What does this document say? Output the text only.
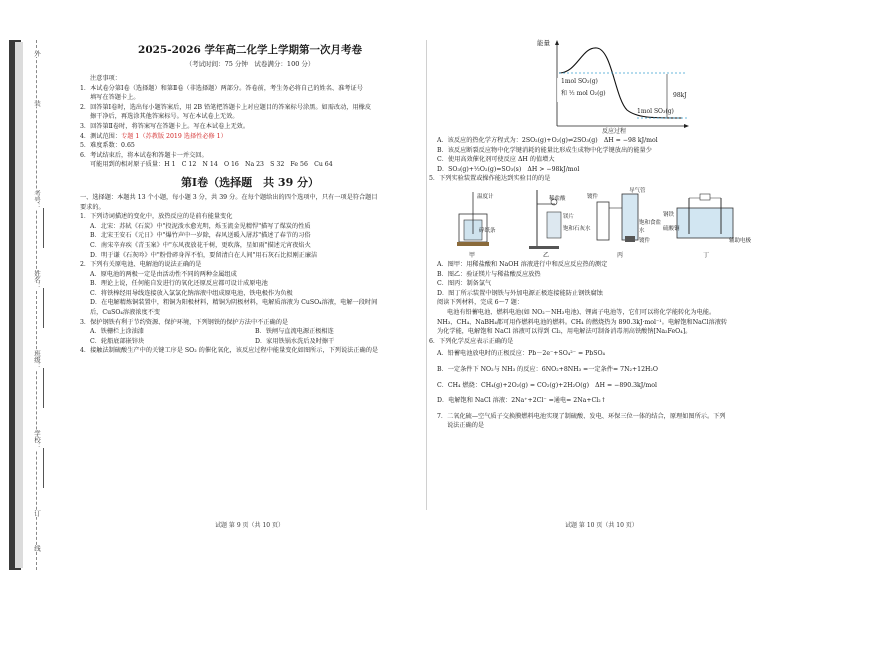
考号：
姓名：
班级：
学校：
外
装
订
线
2025-2026 学年高二化学上学期第一次月考卷
（考试时间：75 分钟　试卷满分：100 分）
注意事项：
1．本试卷分第Ⅰ卷（选择题）和第Ⅱ卷（非选择题）两部分。答卷前，考生务必将自己的姓名、准考证号
填写在答题卡上。
2．回答第Ⅰ卷时，选出每小题答案后，用 2B 铅笔把答题卡上对应题目的答案标号涂黑。如需改动，用橡皮
擦干净后，再选涂其他答案标号。写在本试卷上无效。
3．回答第Ⅱ卷时，将答案写在答题卡上。写在本试卷上无效。
4．测试范围：专题 1（苏教版 2019 选择性必修 1）
5．难度系数：0.65
6．考试结束后，将本试卷和答题卡一并交回。
可能用到的相对原子质量：H 1　C 12　N 14　O 16　Na 23　S 32　Fe 56　Cu 64
第Ⅰ卷（选择题　共 39 分）
一、选择题：本题共 13 个小题，每小题 3 分，共 39 分。在每个题给出的四个选项中，只有一项是符合题目
要求的。
1．下列诗词描述的变化中，放热反应的是前有能量变化
A．北宋：苏轼《石炭》中"投泥泼水愈光明，烁玉流金见精悍"描写了煤炭的性质
B．北宋王安石《元日》中"爆竹声中一岁除，春风送暖入屠苏"描述了春节的习俗
C．南宋辛弃疾《青玉案》中"东风夜放花千树，更吹落，星如雨"描述元宵夜焰火
D．明于谦《石灰吟》中"粉骨碎身浑不怕，要留清白在人间"用石灰石比拟刚正廉洁
2．下列有关原电池、电解池的说法正确的是
A．原电池的两极一定是由活动性不同的两种金属组成
B．理论上说，任何能自发进行的氧化还原反应都可设计成原电池
C．将铁棒经用导线连接放入氯氯化钠溶液中组成原电池，铁电极作为负极
D．在电解精炼铜装置中，粗铜为阳极材料，精铜为阴极材料，电解质溶液为 CuSO₄溶液，电解一段时间
后，CuSO₄溶液浓度不变
3．保护钢铁有利于节约资源、保护环境，下列钢铁的保护方法中不正确的是
A．铁栅栏上涂油漆	B．铁闸与直流电源正极相连
C．轮船底部嵌锌块	D．家用铁锅水洗后及时擦干
4．接触法制硫酸生产中的关键工序是 SO₂ 的催化氧化，该反应过程中能量变化如图所示，下列说法正确的是
试题 第 9 页（共 10 页）
能量
1mol SO₂(g)
和 ½ mol O₂(g)	98kJ
1mol SO₃(g)
反应过程
A．该反应的热化学方程式为：2SO₂(g)+O₂(g)⇌2SO₃(g)　ΔH = −98 kJ/mol
B．该反应断裂反应物中化学键消耗的能量比形成生成物中化学键放出的能量少
C．使用高效催化剂可使反应 ΔH 的值增大
D．SO₃(g)+½O₂(g)=SO₃(s)　ΔH > −98kJ/mol
5．下列实验装置或操作能达到实验目的的是
温度计
碎纸条
稀盐酸
镁片
饱和石灰水
镀件
导气管
饱和食盐水
镀件
钢铁
硫酸铜
辅助电极
甲	乙	丙	丁
A．图甲：用稀盐酸和 NaOH 溶液进行中和反应反应热的测定
B．图乙：验证镁片与稀盐酸反应放热
C．图丙：制备氯气
D．图丁所示装置中钢铁与外加电源正极连接能防止钢铁腐蚀
阅读下列材料，完成 6～7 题：
电池有铅蓄电池、燃料电池(如 NO₂－NH₃电池)、锂离子电池等，它们可以将化学能转化为电能。
NH₃、CH₄、NaBH₄都可用作燃料电池的燃料。CH₄ 的燃烧热为 890.3kJ·mol⁻¹。电解饱和NaCl溶液转
为化学能，电解饱和 NaCl 溶液可以得到 Cl₂，用电解法可制备消毒剂高铁酸钠[Na₂FeO₄]。
6．下列化学反应表示正确的是
A．铅蓄电池放电时的正极反应：Pb－2e⁻+SO₄²⁻ = PbSO₄
B．一定条件下 NO₂与 NH₃ 的反应：6NO₂+8NH₃ =一定条件= 7N₂+12H₂O
C．CH₄ 燃烧：CH₄(g)+2O₂(g) = CO₂(g)+2H₂O(g)　ΔH = −890.3kJ/mol
D．电解饱和 NaCl 溶液：2Na⁺+2Cl⁻ =通电= 2Na+Cl₂↑
7．二氧化硫—空气质子交换膜燃料电池实现了制硫酸、发电、环保三位一体的结合，原理如图所示。下列
说法正确的是
试题 第 10 页（共 10 页）
